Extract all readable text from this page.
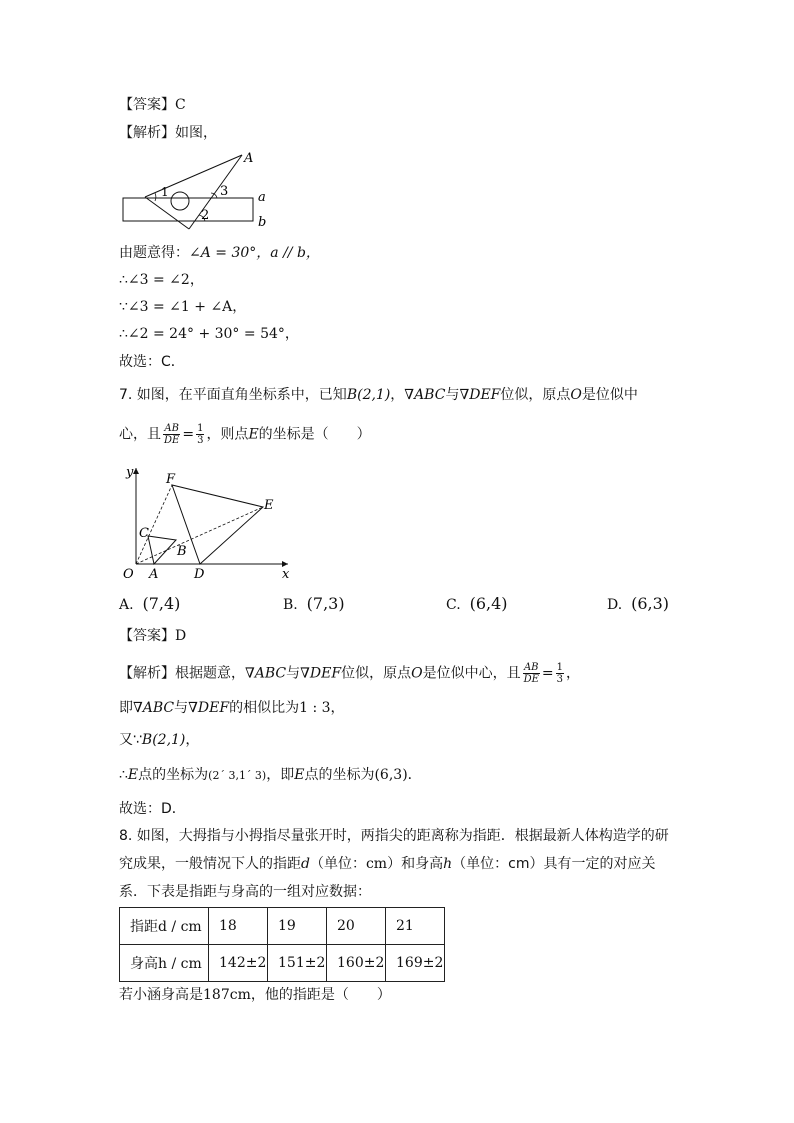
【答案】C
【解析】如图，
A
1	3
2
a
b
由题意得：∠A = 30°，a // b，
∴∠3 = ∠2，
∵∠3 = ∠1 + ∠A，
∴∠2 = 24° + 30° = 54°，
故选：C．
7. 如图，在平面直角坐标系中，已知B(2,1)，∇ABC与∇DEF位似，原点O是位似中
心，且 $\frac{AB}{DE} = \frac{1}{3}$ ，则点E的坐标是（　　）
y
x
O A	D
B
C
E
F
A. (7,4)	B. (7,3)	C. (6,4)	D. (6,3)
【答案】D
【解析】根据题意，∇ABC与∇DEF位似，原点O是位似中心，且 $\frac{AB}{DE} = \frac{1}{3}$ ，
即∇ABC与∇DEF的相似比为1 : 3，
又∵B(2,1)，
∴E点的坐标为(2´ 3,1´ 3)，即E点的坐标为(6,3)．
故选：D．
8. 如图，大拇指与小拇指尽量张开时，两指尖的距离称为指距．根据最新人体构造学的研
究成果，一般情况下人的指距d（单位：cm）和身高h（单位：cm）具有一定的对应关
系．下表是指距与身高的一组对应数据：
指距d / cm	18	19	20	21
身高h / cm	142±2	151±2	160±2	169±2
若小涵身高是187cm，他的指距是（　　）
